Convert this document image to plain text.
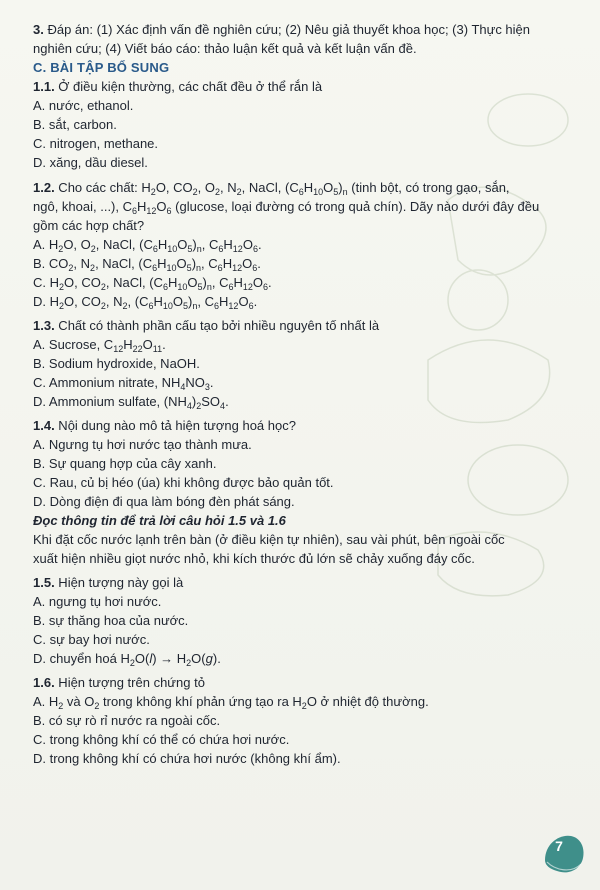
3. Đáp án: (1) Xác định vấn đề nghiên cứu; (2) Nêu giả thuyết khoa học; (3) Thực hiện

nghiên cứu; (4) Viết báo cáo: thảo luận kết quả và kết luận vấn đề.

C. BÀI TẬP BỔ SUNG

1.1. Ở điều kiện thường, các chất đều ở thể rắn là

A. nước, ethanol.

B. sắt, carbon.

C. nitrogen, methane.

D. xăng, dầu diesel.

1.2. Cho các chất: $H_2O$, $CO_2$, $O_2$, $N_2$, NaCl, $(C_6H_{10}O_5)_n$ (tinh bột, có trong gạo, sắn,

ngô, khoai, ...), $C_6H_{12}O_6$ (glucose, loại đường có trong quả chín). Dãy nào dưới đây đều

gồm các hợp chất?

A. $H_2O$, $O_2$, NaCl, $(C_6H_{10}O_5)_n$, $C_6H_{12}O_6$.

B. $CO_2$, $N_2$, NaCl, $(C_6H_{10}O_5)_n$, $C_6H_{12}O_6$.

C. $H_2O$, $CO_2$, NaCl, $(C_6H_{10}O_5)_n$, $C_6H_{12}O_6$.

D. $H_2O$, $CO_2$, $N_2$, $(C_6H_{10}O_5)_n$, $C_6H_{12}O_6$.

1.3. Chất có thành phần cấu tạo bởi nhiều nguyên tố nhất là

A. Sucrose, $C_{12}H_{22}O_{11}$.

B. Sodium hydroxide, NaOH.

C. Ammonium nitrate, $NH_4NO_3$.

D. Ammonium sulfate, $(NH_4)_2SO_4$.

1.4. Nội dung nào mô tả hiện tượng hoá học?

A. Ngưng tụ hơi nước tạo thành mưa.

B. Sự quang hợp của cây xanh.

C. Rau, củ bị héo (úa) khi không được bảo quản tốt.

D. Dòng điện đi qua làm bóng đèn phát sáng.

Đọc thông tin để trả lời câu hỏi 1.5 và 1.6

Khi đặt cốc nước lạnh trên bàn (ở điều kiện tự nhiên), sau vài phút, bên ngoài cốc

xuất hiện nhiều giọt nước nhỏ, khi kích thước đủ lớn sẽ chảy xuống đáy cốc.

1.5. Hiện tượng này gọi là

A. ngưng tụ hơi nước.

B. sự thăng hoa của nước.

C. sự bay hơi nước.

D. chuyển hoá $H_2O(l) \to H_2O(g)$.

1.6. Hiện tượng trên chứng tỏ

A. $H_2$ và $O_2$ trong không khí phản ứng tạo ra $H_2O$ ở nhiệt độ thường.

B. có sự rò rỉ nước ra ngoài cốc.

C. trong không khí có thể có chứa hơi nước.

D. trong không khí có chứa hơi nước (không khí ẩm).

7
